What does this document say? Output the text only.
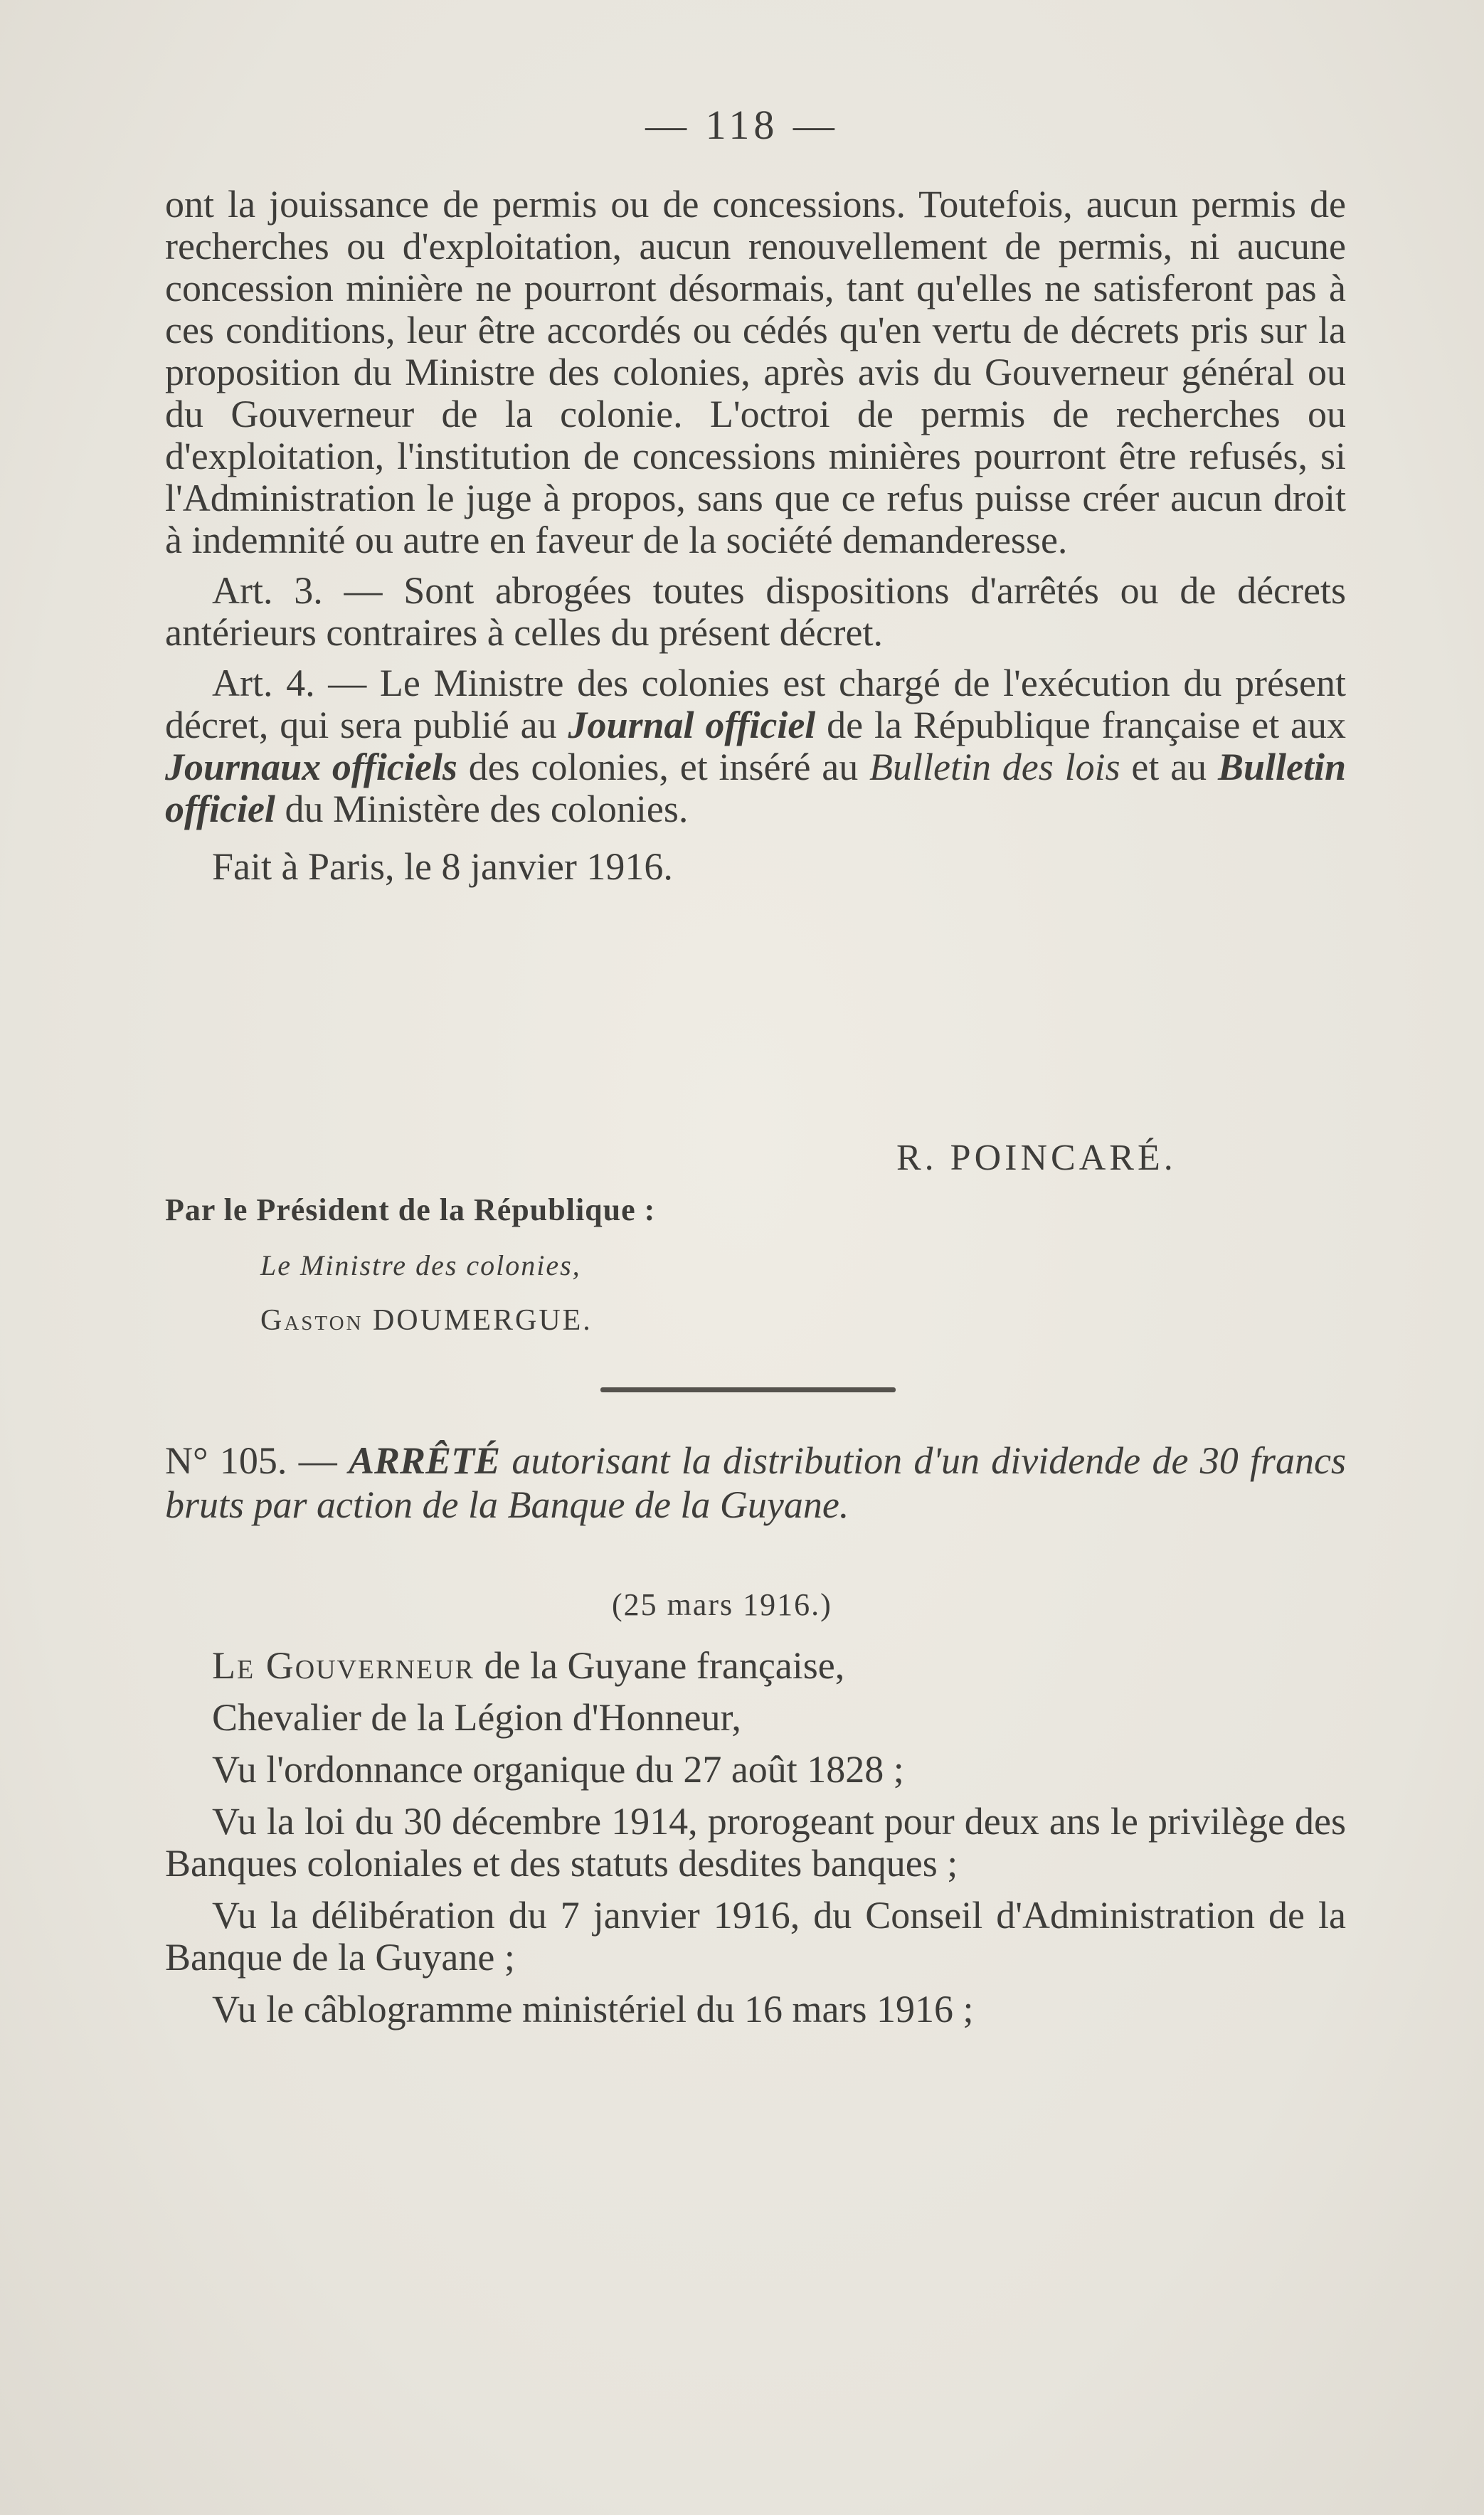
— 118 —

ont la jouissance de permis ou de concessions. Toutefois, aucun permis de recherches ou d'exploitation, aucun renouvellement de permis, ni aucune concession minière ne pourront désormais, tant qu'elles ne satisferont pas à ces conditions, leur être accordés ou cédés qu'en vertu de décrets pris sur la proposition du Ministre des colonies, après avis du Gouverneur général ou du Gouverneur de la colonie. L'octroi de permis de recherches ou d'exploitation, l'institution de concessions minières pourront être refusés, si l'Administration le juge à propos, sans que ce refus puisse créer aucun droit à indemnité ou autre en faveur de la société demanderesse.

Art. 3. — Sont abrogées toutes dispositions d'arrêtés ou de décrets antérieurs contraires à celles du présent décret.

Art. 4. — Le Ministre des colonies est chargé de l'exécution du présent décret, qui sera publié au Journal officiel de la République française et aux Journaux officiels des colonies, et inséré au Bulletin des lois et au Bulletin officiel du Ministère des colonies.

Fait à Paris, le 8 janvier 1916.

R. POINCARÉ.
Par le Président de la République :
Le Ministre des colonies,
Gaston DOUMERGUE.
N° 105. — ARRÊTÉ autorisant la distribution d'un dividende de 30 francs bruts par action de la Banque de la Guyane.
(25 mars 1916.)

Le Gouverneur de la Guyane française,

Chevalier de la Légion d'Honneur,

Vu l'ordonnance organique du 27 août 1828 ;

Vu la loi du 30 décembre 1914, prorogeant pour deux ans le privilège des Banques coloniales et des statuts desdites banques ;

Vu la délibération du 7 janvier 1916, du Conseil d'Administration de la Banque de la Guyane ;

Vu le câblogramme ministériel du 16 mars 1916 ;
